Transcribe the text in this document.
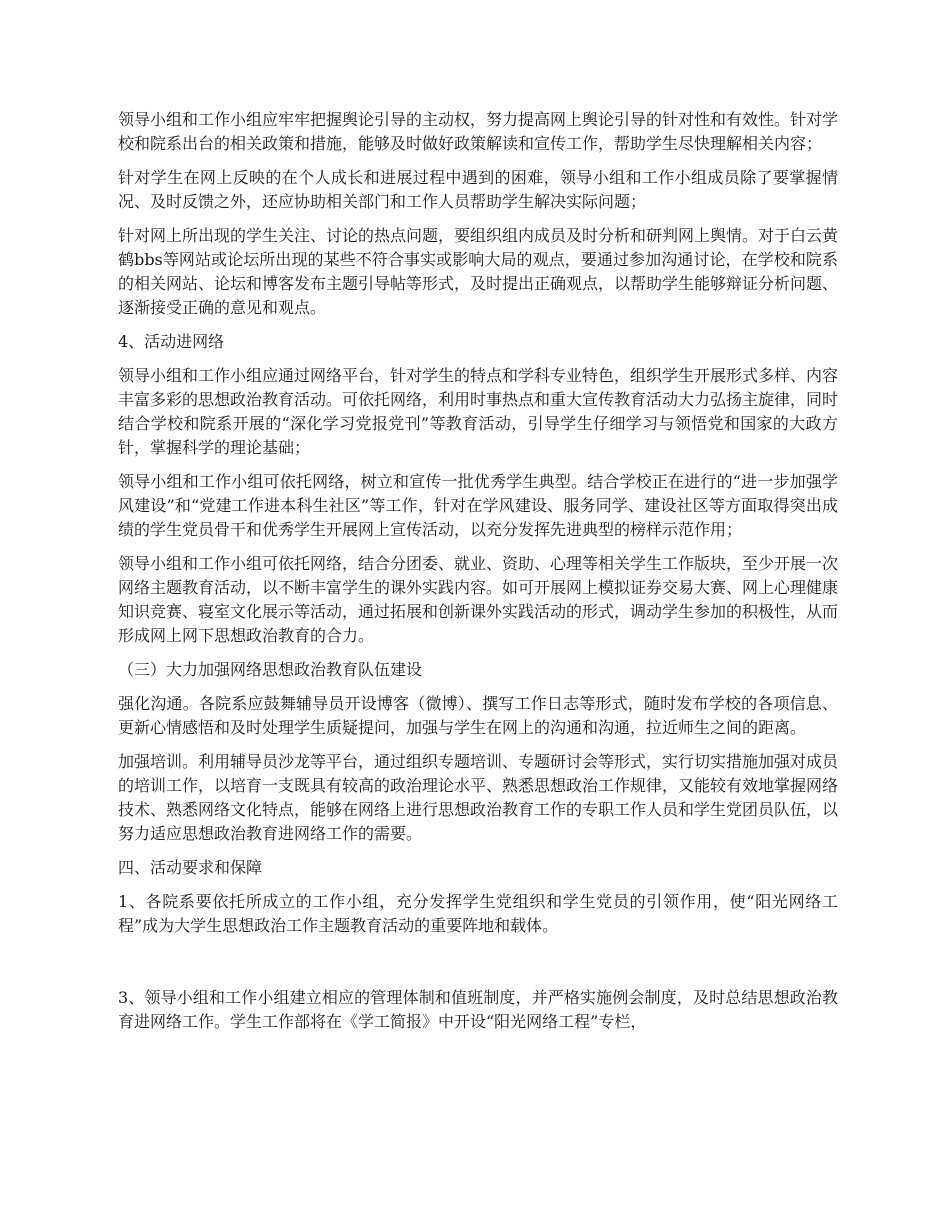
领导小组和工作小组应牢牢把握舆论引导的主动权，努力提高网上舆论引导的针对性和有效性。针对学校和院系出台的相关政策和措施，能够及时做好政策解读和宣传工作，帮助学生尽快理解相关内容；

针对学生在网上反映的在个人成长和进展过程中遇到的困难，领导小组和工作小组成员除了要掌握情况、及时反馈之外，还应协助相关部门和工作人员帮助学生解决实际问题；

针对网上所出现的学生关注、讨论的热点问题，要组织组内成员及时分析和研判网上舆情。对于白云黄鹤bbs等网站或论坛所出现的某些不符合事实或影响大局的观点，要通过参加沟通讨论，在学校和院系的相关网站、论坛和博客发布主题引导帖等形式，及时提出正确观点，以帮助学生能够辩证分析问题、逐渐接受正确的意见和观点。

4、活动进网络

领导小组和工作小组应通过网络平台，针对学生的特点和学科专业特色，组织学生开展形式多样、内容丰富多彩的思想政治教育活动。可依托网络，利用时事热点和重大宣传教育活动大力弘扬主旋律，同时结合学校和院系开展的“深化学习党报党刊”等教育活动，引导学生仔细学习与领悟党和国家的大政方针，掌握科学的理论基础；

领导小组和工作小组可依托网络，树立和宣传一批优秀学生典型。结合学校正在进行的“进一步加强学风建设”和“党建工作进本科生社区”等工作，针对在学风建设、服务同学、建设社区等方面取得突出成绩的学生党员骨干和优秀学生开展网上宣传活动，以充分发挥先进典型的榜样示范作用；

领导小组和工作小组可依托网络，结合分团委、就业、资助、心理等相关学生工作版块，至少开展一次网络主题教育活动，以不断丰富学生的课外实践内容。如可开展网上模拟证券交易大赛、网上心理健康知识竞赛、寝室文化展示等活动，通过拓展和创新课外实践活动的形式，调动学生参加的积极性，从而形成网上网下思想政治教育的合力。

（三）大力加强网络思想政治教育队伍建设

强化沟通。各院系应鼓舞辅导员开设博客（微博）、撰写工作日志等形式，随时发布学校的各项信息、更新心情感悟和及时处理学生质疑提问，加强与学生在网上的沟通和沟通，拉近师生之间的距离。

加强培训。利用辅导员沙龙等平台，通过组织专题培训、专题研讨会等形式，实行切实措施加强对成员的培训工作，以培育一支既具有较高的政治理论水平、熟悉思想政治工作规律，又能较有效地掌握网络技术、熟悉网络文化特点，能够在网络上进行思想政治教育工作的专职工作人员和学生党团员队伍，以努力适应思想政治教育进网络工作的需要。

四、活动要求和保障

1、各院系要依托所成立的工作小组，充分发挥学生党组织和学生党员的引领作用，使“阳光网络工程”成为大学生思想政治工作主题教育活动的重要阵地和载体。

3、领导小组和工作小组建立相应的管理体制和值班制度，并严格实施例会制度，及时总结思想政治教育进网络工作。学生工作部将在《学工简报》中开设“阳光网络工程”专栏，
